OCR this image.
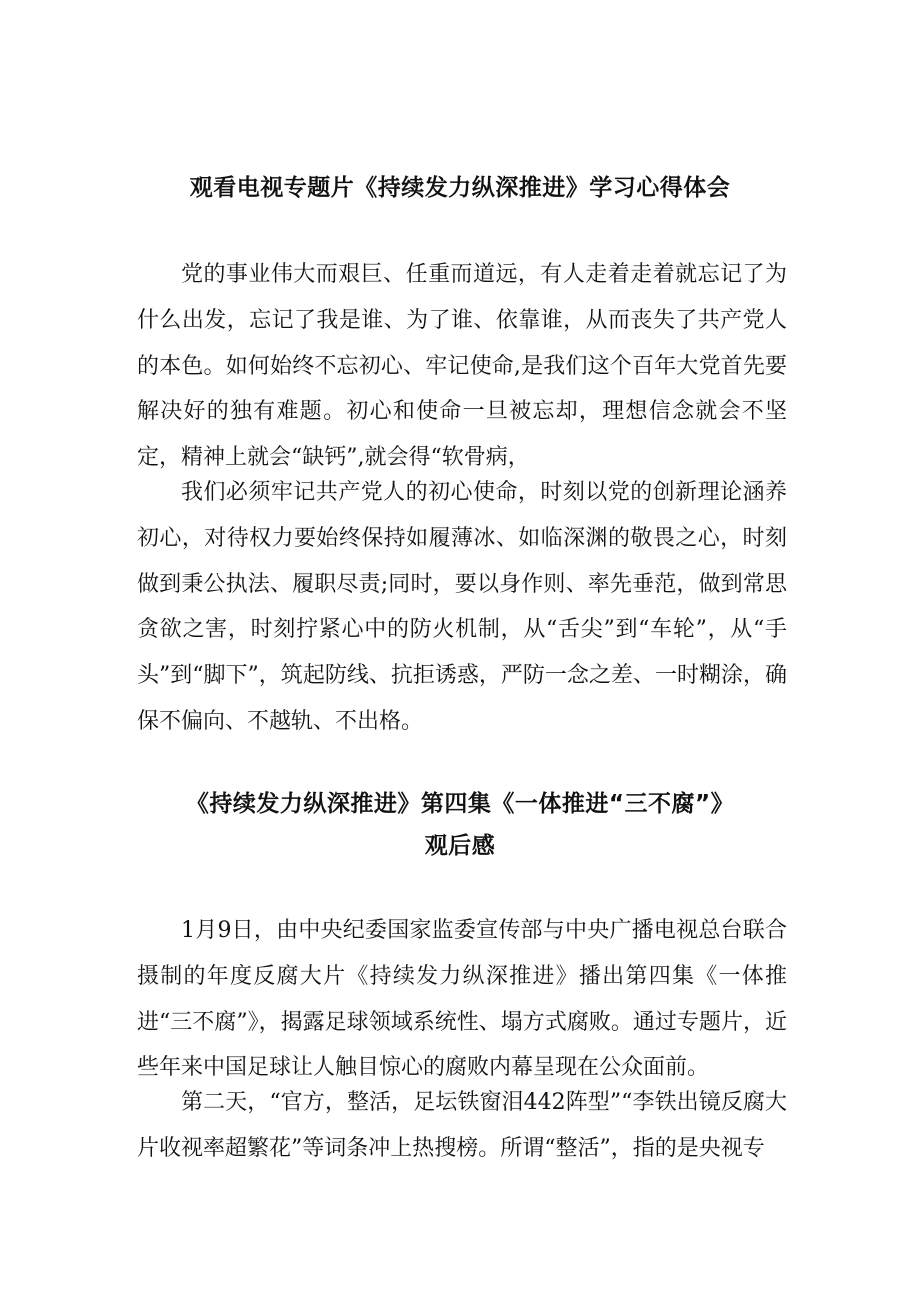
观看电视专题片《持续发力纵深推进》学习心得体会

党的事业伟大而艰巨、任重而道远，有人走着走着就忘记了为什么出发，忘记了我是谁、为了谁、依靠谁，从而丧失了共产党人的本色。如何始终不忘初心、牢记使命,是我们这个百年大党首先要解决好的独有难题。初心和使命一旦被忘却，理想信念就会不坚定，精神上就会“缺钙”,就会得“软骨病，

我们必须牢记共产党人的初心使命，时刻以党的创新理论涵养初心，对待权力要始终保持如履薄冰、如临深渊的敬畏之心，时刻做到秉公执法、履职尽责;同时，要以身作则、率先垂范，做到常思贪欲之害，时刻拧紧心中的防火机制，从“舌尖”到“车轮”，从“手头”到“脚下”，筑起防线、抗拒诱惑，严防一念之差、一时糊涂，确保不偏向、不越轨、不出格。

《持续发力纵深推进》第四集《一体推进“三不腐”》
观后感

1月9日，由中央纪委国家监委宣传部与中央广播电视总台联合摄制的年度反腐大片《持续发力纵深推进》播出第四集《一体推进“三不腐”》，揭露足球领域系统性、塌方式腐败。通过专题片，近些年来中国足球让人触目惊心的腐败内幕呈现在公众面前。

第二天，“官方，整活，足坛铁窗泪442阵型”“李铁出镜反腐大片收视率超繁花”等词条冲上热搜榜。所谓“整活”，指的是央视专
